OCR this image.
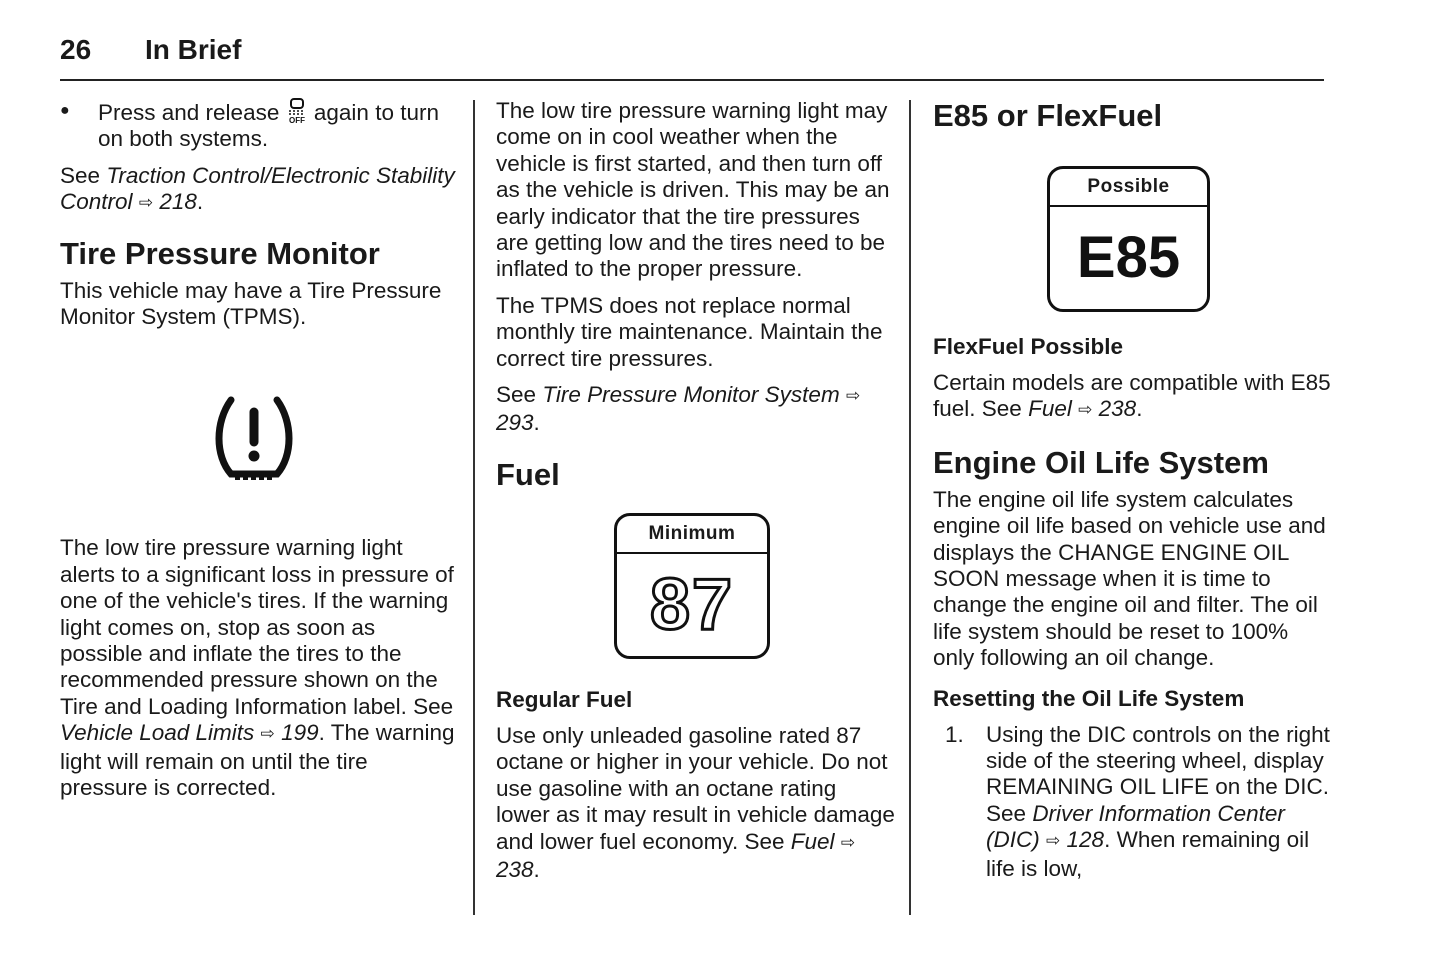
26 In Brief
● Press and release OFF again to turn on both systems.

See Traction Control/Electronic Stability Control ⇨ 218.

Tire Pressure Monitor

This vehicle may have a Tire Pressure Monitor System (TPMS).

The low tire pressure warning light alerts to a significant loss in pressure of one of the vehicle's tires. If the warning light comes on, stop as soon as possible and inflate the tires to the recommended pressure shown on the Tire and Loading Information label. See Vehicle Load Limits ⇨ 199. The warning light will remain on until the tire pressure is corrected.

The low tire pressure warning light may come on in cool weather when the vehicle is first started, and then turn off as the vehicle is driven. This may be an early indicator that the tire pressures are getting low and the tires need to be inflated to the proper pressure.

The TPMS does not replace normal monthly tire maintenance. Maintain the correct tire pressures.

See Tire Pressure Monitor System ⇨ 293.

Fuel
Minimum
87
Regular Fuel

Use only unleaded gasoline rated 87 octane or higher in your vehicle. Do not use gasoline with an octane rating lower as it may result in vehicle damage and lower fuel economy. See Fuel ⇨ 238.

E85 or FlexFuel
Possible
E85
FlexFuel Possible

Certain models are compatible with E85 fuel. See Fuel ⇨ 238.

Engine Oil Life System

The engine oil life system calculates engine oil life based on vehicle use and displays the CHANGE ENGINE OIL SOON message when it is time to change the engine oil and filter. The oil life system should be reset to 100% only following an oil change.

Resetting the Oil Life System
1. Using the DIC controls on the right side of the steering wheel, display REMAINING OIL LIFE on the DIC. See Driver Information Center (DIC) ⇨ 128. When remaining oil life is low,
